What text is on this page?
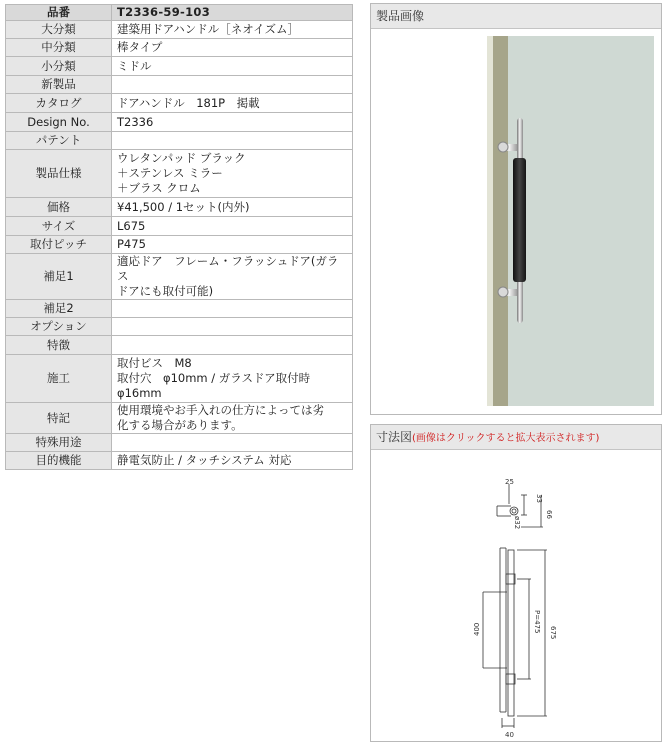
品番	T2336-59-103

大分類	建築用ドアハンドル［ネオイズム］

中分類	棒タイプ

小分類	ミドル

新製品	
カタログ	ドアハンドル　181P　掲載

Design No.	T2336

パテント	
製品仕様	ウレタンパッド ブラック
＋ステンレス ミラー
＋ブラス クロム

価格	¥41,500 / 1セット(内外)

サイズ	L675

取付ピッチ	P475

補足1	適応ドア　フレーム・フラッシュドア(ガラス
ドアにも取付可能)

補足2	
オプション	
特徴	
施工	取付ビス　M8
取付穴　φ10mm / ガラスドア取付時
φ16mm

特記	使用環境やお手入れの仕方によっては劣
化する場合があります。

特殊用途	
目的機能	静電気防止 / タッチシステム 対応
製品画像
寸法図(画像はクリックすると拡大表示されます)
25
33
ø32
66
400	P=475 675
40
